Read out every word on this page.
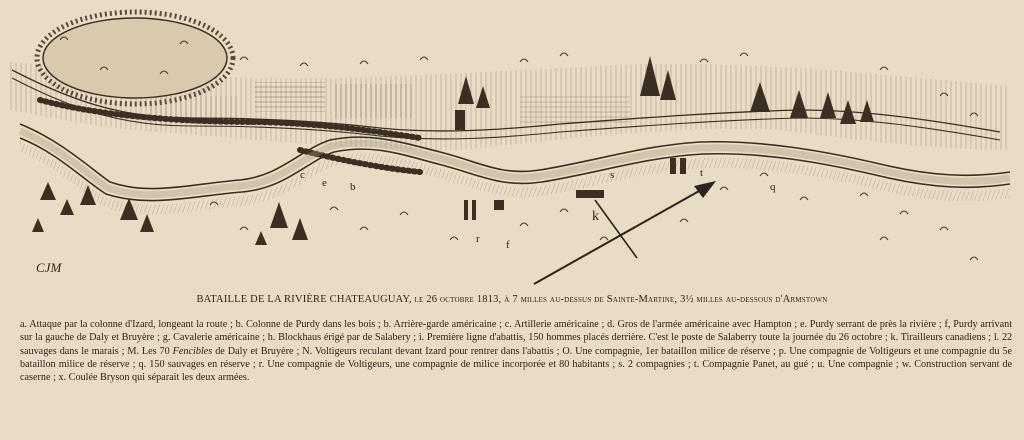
k
r f
e
c
b	q
t
s
CJM
BATAILLE DE LA RIVIÈRE CHATEAUGUAY, le 26 octobre 1813, à 7 milles au-dessus de Sainte-Martine, 3½ milles au-dessous d'Armstown
a. Attaque par la colonne d'Izard, longeant la route ; b. Colonne de Purdy dans les bois ; b. Arrière-garde américaine ; c. Artillerie américaine ; d. Gros de l'armée américaine avec Hampton ; e. Purdy serrant de près la rivière ; f, Purdy arrivant sur la gauche de Daly et Bruyère ; g. Cavalerie américaine ; h. Blockhaus érigé par de Salabery ; i. Première ligne d'abattis, 150 hommes placés derrière. C'est le poste de Salaberry toute la journée du 26 octobre ; k. Tirailleurs canadiens ; l. 22 sauvages dans le marais ; M. Les 70 Fencibles de Daly et Bruyère ; N. Voltigeurs reculant devant Izard pour rentrer dans l'abattis ; O. Une compagnie, 1er bataillon milice de réserve ; p. Une compagnie de Voltigeurs et une compagnie du 5e bataillon milice de réserve ; q. 150 sauvages en réserve ; r. Une compagnie de Voltigeurs, une compagnie de milice incorporée et 80 habitants ; s. 2 compagnies ; t. Compagnie Panet, au gué ; u. Une compagnie ; w. Construction servant de caserne ; x. Coulée Bryson qui séparait les deux armées.
